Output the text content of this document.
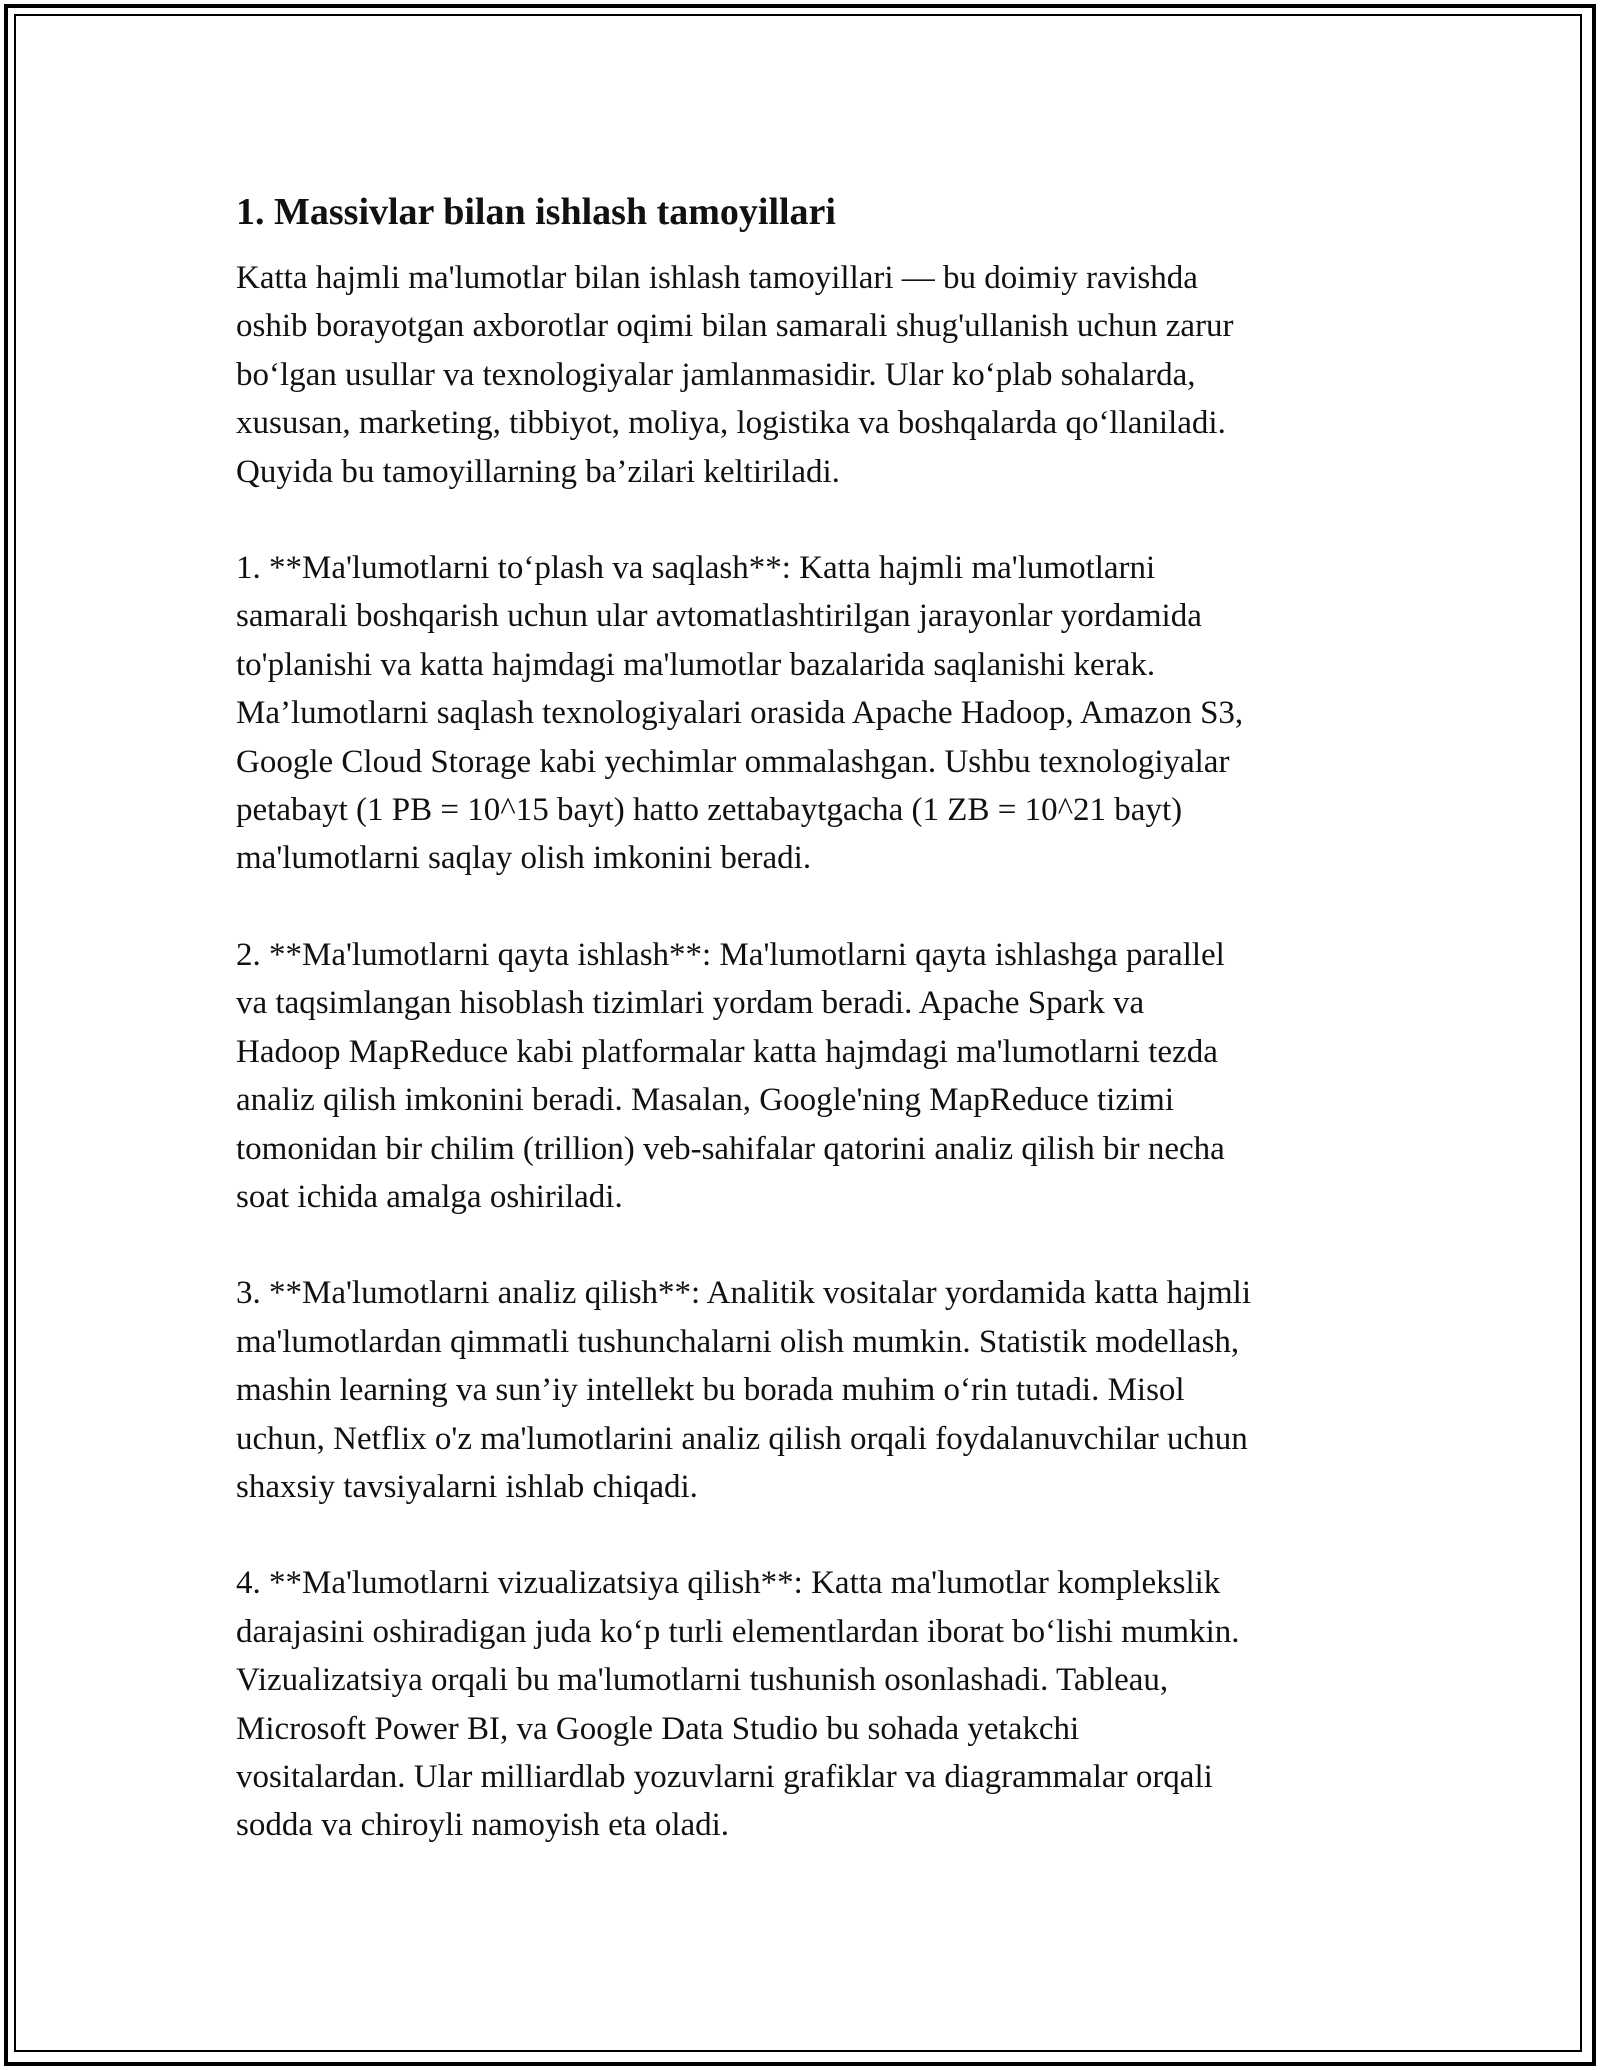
1. Massivlar bilan ishlash tamoyillari

Katta hajmli ma'lumotlar bilan ishlash tamoyillari — bu doimiy ravishda
oshib borayotgan axborotlar oqimi bilan samarali shug'ullanish uchun zarur
bo‘lgan usullar va texnologiyalar jamlanmasidir. Ular ko‘plab sohalarda,
xususan, marketing, tibbiyot, moliya, logistika va boshqalarda qo‘llaniladi.
Quyida bu tamoyillarning ba’zilari keltiriladi.

1. **Ma'lumotlarni to‘plash va saqlash**: Katta hajmli ma'lumotlarni
samarali boshqarish uchun ular avtomatlashtirilgan jarayonlar yordamida
to'planishi va katta hajmdagi ma'lumotlar bazalarida saqlanishi kerak.
Ma’lumotlarni saqlash texnologiyalari orasida Apache Hadoop, Amazon S3,
Google Cloud Storage kabi yechimlar ommalashgan. Ushbu texnologiyalar
petabayt (1 PB = 10^15 bayt) hatto zettabaytgacha (1 ZB = 10^21 bayt)
ma'lumotlarni saqlay olish imkonini beradi.

2. **Ma'lumotlarni qayta ishlash**: Ma'lumotlarni qayta ishlashga parallel
va taqsimlangan hisoblash tizimlari yordam beradi. Apache Spark va
Hadoop MapReduce kabi platformalar katta hajmdagi ma'lumotlarni tezda
analiz qilish imkonini beradi. Masalan, Google'ning MapReduce tizimi
tomonidan bir chilim (trillion) veb-sahifalar qatorini analiz qilish bir necha
soat ichida amalga oshiriladi.

3. **Ma'lumotlarni analiz qilish**: Analitik vositalar yordamida katta hajmli
ma'lumotlardan qimmatli tushunchalarni olish mumkin. Statistik modellash,
mashin learning va sun’iy intellekt bu borada muhim o‘rin tutadi. Misol
uchun, Netflix o'z ma'lumotlarini analiz qilish orqali foydalanuvchilar uchun
shaxsiy tavsiyalarni ishlab chiqadi.

4. **Ma'lumotlarni vizualizatsiya qilish**: Katta ma'lumotlar komplekslik
darajasini oshiradigan juda ko‘p turli elementlardan iborat bo‘lishi mumkin.
Vizualizatsiya orqali bu ma'lumotlarni tushunish osonlashadi. Tableau,
Microsoft Power BI, va Google Data Studio bu sohada yetakchi
vositalardan. Ular milliardlab yozuvlarni grafiklar va diagrammalar orqali
sodda va chiroyli namoyish eta oladi.
